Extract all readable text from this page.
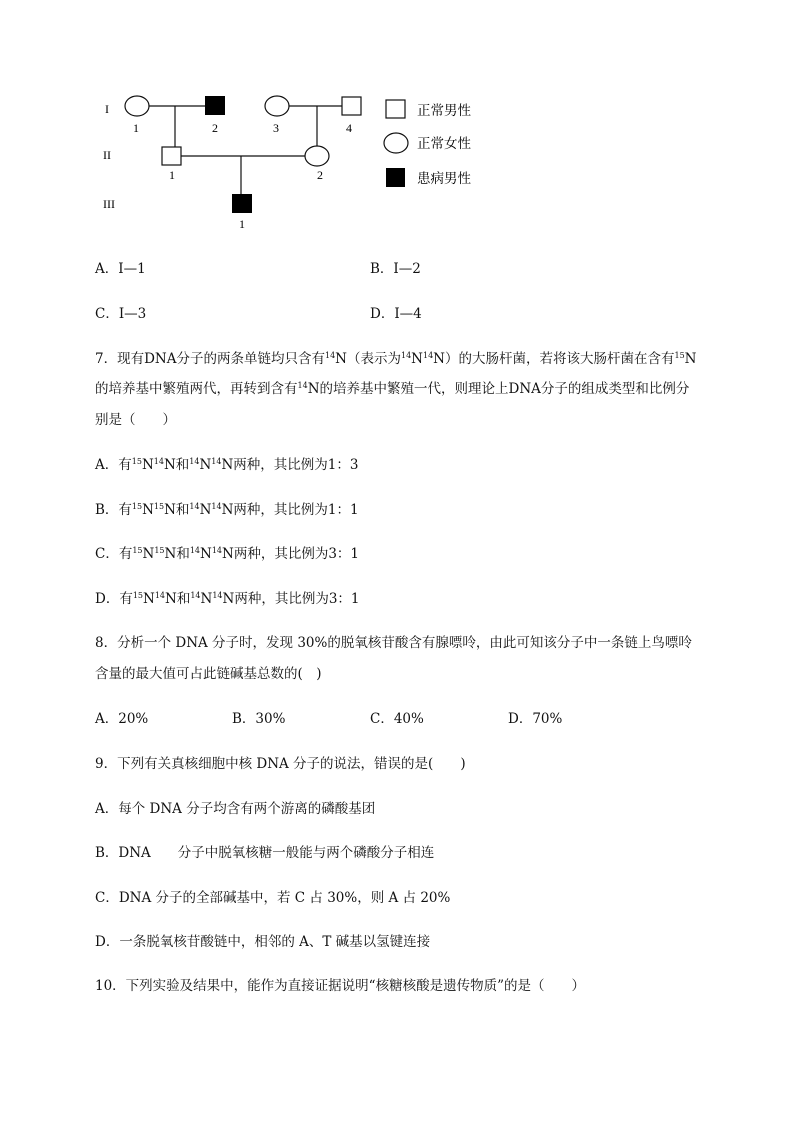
I
II
III
1	2	3	4
1	2
1
正常男性
正常女性
患病男性
A．Ⅰ—1	B．Ⅰ—2
C．Ⅰ—3	D．Ⅰ—4
7．现有DNA分子的两条单链均只含有$^{14}$N（表示为$^{14}N^{14}N$）的大肠杆菌，若将该大肠杆菌在含有$^{15}$N
的培养基中繁殖两代，再转到含有$^{14}$N的培养基中繁殖一代，则理论上DNA分子的组成类型和比例分
别是（　　）
A．有$^{15}N^{14}N$和$^{14}N^{14}N$两种，其比例为1：3
B．有$^{15}N^{15}N$和$^{14}N^{14}N$两种，其比例为1：1
C．有$^{15}N^{15}N$和$^{14}N^{14}N$两种，其比例为3：1
D．有$^{15}N^{14}N$和$^{14}N^{14}N$两种，其比例为3：1
8．分析一个 DNA 分子时，发现 30%的脱氧核苷酸含有腺嘌呤，由此可知该分子中一条链上鸟嘌呤
含量的最大值可占此链碱基总数的(　)
A．20%	B．30%	C．40%	D．70%
9．下列有关真核细胞中核 DNA 分子的说法，错误的是(　　)
A．每个 DNA 分子均含有两个游离的磷酸基团
B．DNA　　分子中脱氧核糖一般能与两个磷酸分子相连
C．DNA 分子的全部碱基中，若 C 占 30%，则 A 占 20%
D．一条脱氧核苷酸链中，相邻的 A、T 碱基以氢键连接
10．下列实验及结果中，能作为直接证据说明“核糖核酸是遗传物质”的是（　　）
